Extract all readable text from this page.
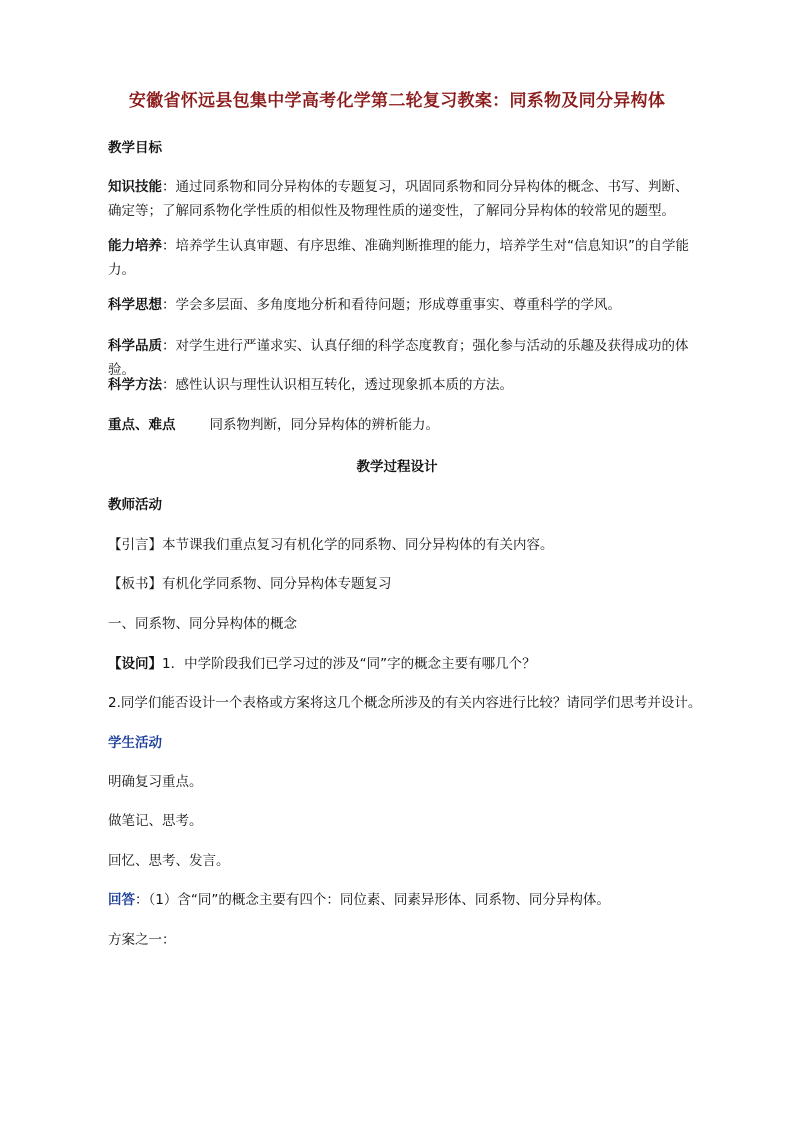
安徽省怀远县包集中学高考化学第二轮复习教案：同系物及同分异构体
教学目标
知识技能：通过同系物和同分异构体的专题复习，巩固同系物和同分异构体的概念、书写、判断、确定等；了解同系物化学性质的相似性及物理性质的递变性，了解同分异构体的较常见的题型。
能力培养：培养学生认真审题、有序思维、准确判断推理的能力，培养学生对“信息知识”的自学能力。
科学思想：学会多层面、多角度地分析和看待问题；形成尊重事实、尊重科学的学风。
科学品质：对学生进行严谨求实、认真仔细的科学态度教育；强化参与活动的乐趣及获得成功的体验。
科学方法：感性认识与理性认识相互转化，透过现象抓本质的方法。
重点、难点	同系物判断，同分异构体的辨析能力。
教学过程设计
教师活动
【引言】本节课我们重点复习有机化学的同系物、同分异构体的有关内容。
【板书】有机化学同系物、同分异构体专题复习
一、同系物、同分异构体的概念
【设问】1．中学阶段我们已学习过的涉及“同”字的概念主要有哪几个？
2.同学们能否设计一个表格或方案将这几个概念所涉及的有关内容进行比较？请同学们思考并设计。
学生活动
明确复习重点。
做笔记、思考。
回忆、思考、发言。
回答：（1）含“同”的概念主要有四个：同位素、同素异形体、同系物、同分异构体。
方案之一：
